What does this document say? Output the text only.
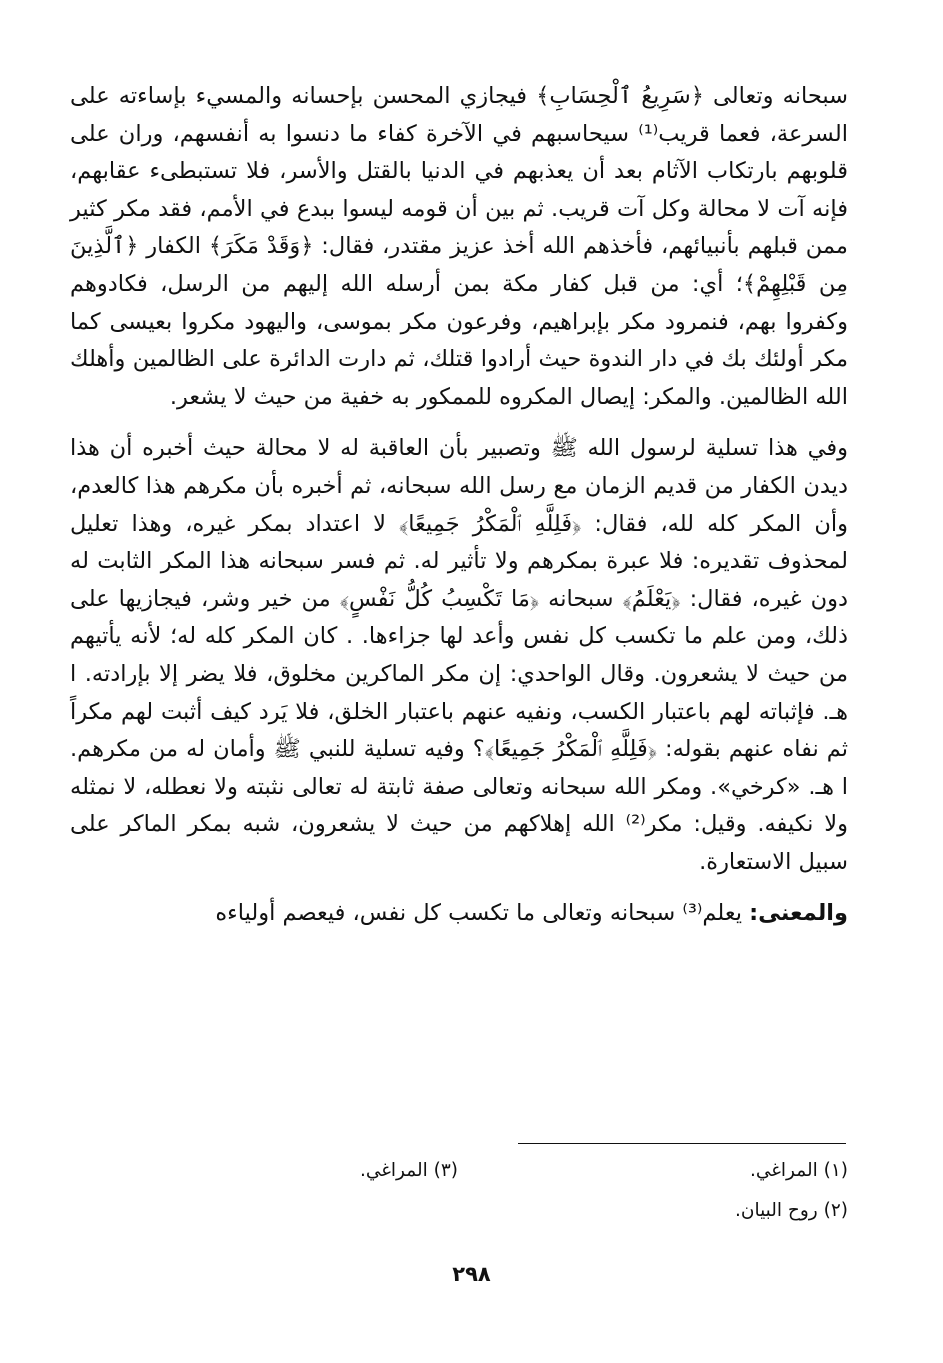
سبحانه وتعالى ﴿سَرِيعُ ٱلْحِسَابِ﴾ فيجازي المحسن بإحسانه والمسيء بإساءته على السرعة، فعما قريب⁽¹⁾ سيحاسبهم في الآخرة كفاء ما دنسوا به أنفسهم، وران على قلوبهم بارتكاب الآثام بعد أن يعذبهم في الدنيا بالقتل والأسر، فلا تستبطىء عقابهم، فإنه آت لا محالة وكل آت قريب. ثم بين أن قومه ليسوا ببدع في الأمم، فقد مكر كثير ممن قبلهم بأنبيائهم، فأخذهم الله أخذ عزيز مقتدر، فقال: ﴿وَقَدْ مَكَرَ﴾ الكفار ﴿ٱلَّذِينَ مِن قَبْلِهِمْ﴾؛ أي: من قبل كفار مكة بمن أرسله الله إليهم من الرسل، فكادوهم وكفروا بهم، فنمرود مكر بإبراهيم، وفرعون مكر بموسى، واليهود مكروا بعيسى كما مكر أولئك بك في دار الندوة حيث أرادوا قتلك، ثم دارت الدائرة على الظالمين وأهلك الله الظالمين. والمكر: إيصال المكروه للممكور به خفية من حيث لا يشعر.

وفي هذا تسلية لرسول الله ﷺ وتصبير بأن العاقبة له لا محالة حيث أخبره أن هذا ديدن الكفار من قديم الزمان مع رسل الله سبحانه، ثم أخبره بأن مكرهم هذا كالعدم، وأن المكر كله لله، فقال: ﴿فَلِلَّهِ ٱلْمَكْرُ جَمِيعًا﴾ لا اعتداد بمكر غيره، وهذا تعليل لمحذوف تقديره: فلا عبرة بمكرهم ولا تأثير له. ثم فسر سبحانه هذا المكر الثابت له دون غيره، فقال: ﴿يَعْلَمُ﴾ سبحانه ﴿مَا تَكْسِبُ كُلُّ نَفْسٍ﴾ من خير وشر، فيجازيها على ذلك، ومن علم ما تكسب كل نفس وأعد لها جزاءها. . كان المكر كله له؛ لأنه يأتيهم من حيث لا يشعرون. وقال الواحدي: إن مكر الماكرين مخلوق، فلا يضر إلا بإرادته. ا هـ. فإثباته لهم باعتبار الكسب، ونفيه عنهم باعتبار الخلق، فلا يَرد كيف أثبت لهم مكراً ثم نفاه عنهم بقوله: ﴿فَلِلَّهِ ٱلْمَكْرُ جَمِيعًا﴾؟ وفيه تسلية للنبي ﷺ وأمان له من مكرهم. ا هـ. «كرخي». ومكر الله سبحانه وتعالى صفة ثابتة له تعالى نثبته ولا نعطله، لا نمثله ولا نكيفه. وقيل: مكر⁽²⁾ الله إهلاكهم من حيث لا يشعرون، شبه بمكر الماكر على سبيل الاستعارة.

والمعنى: يعلم⁽³⁾ سبحانه وتعالى ما تكسب كل نفس، فيعصم أولياءه

(١) المراغي.
(٣) المراغي.
(٢) روح البيان.
٢٩٨
